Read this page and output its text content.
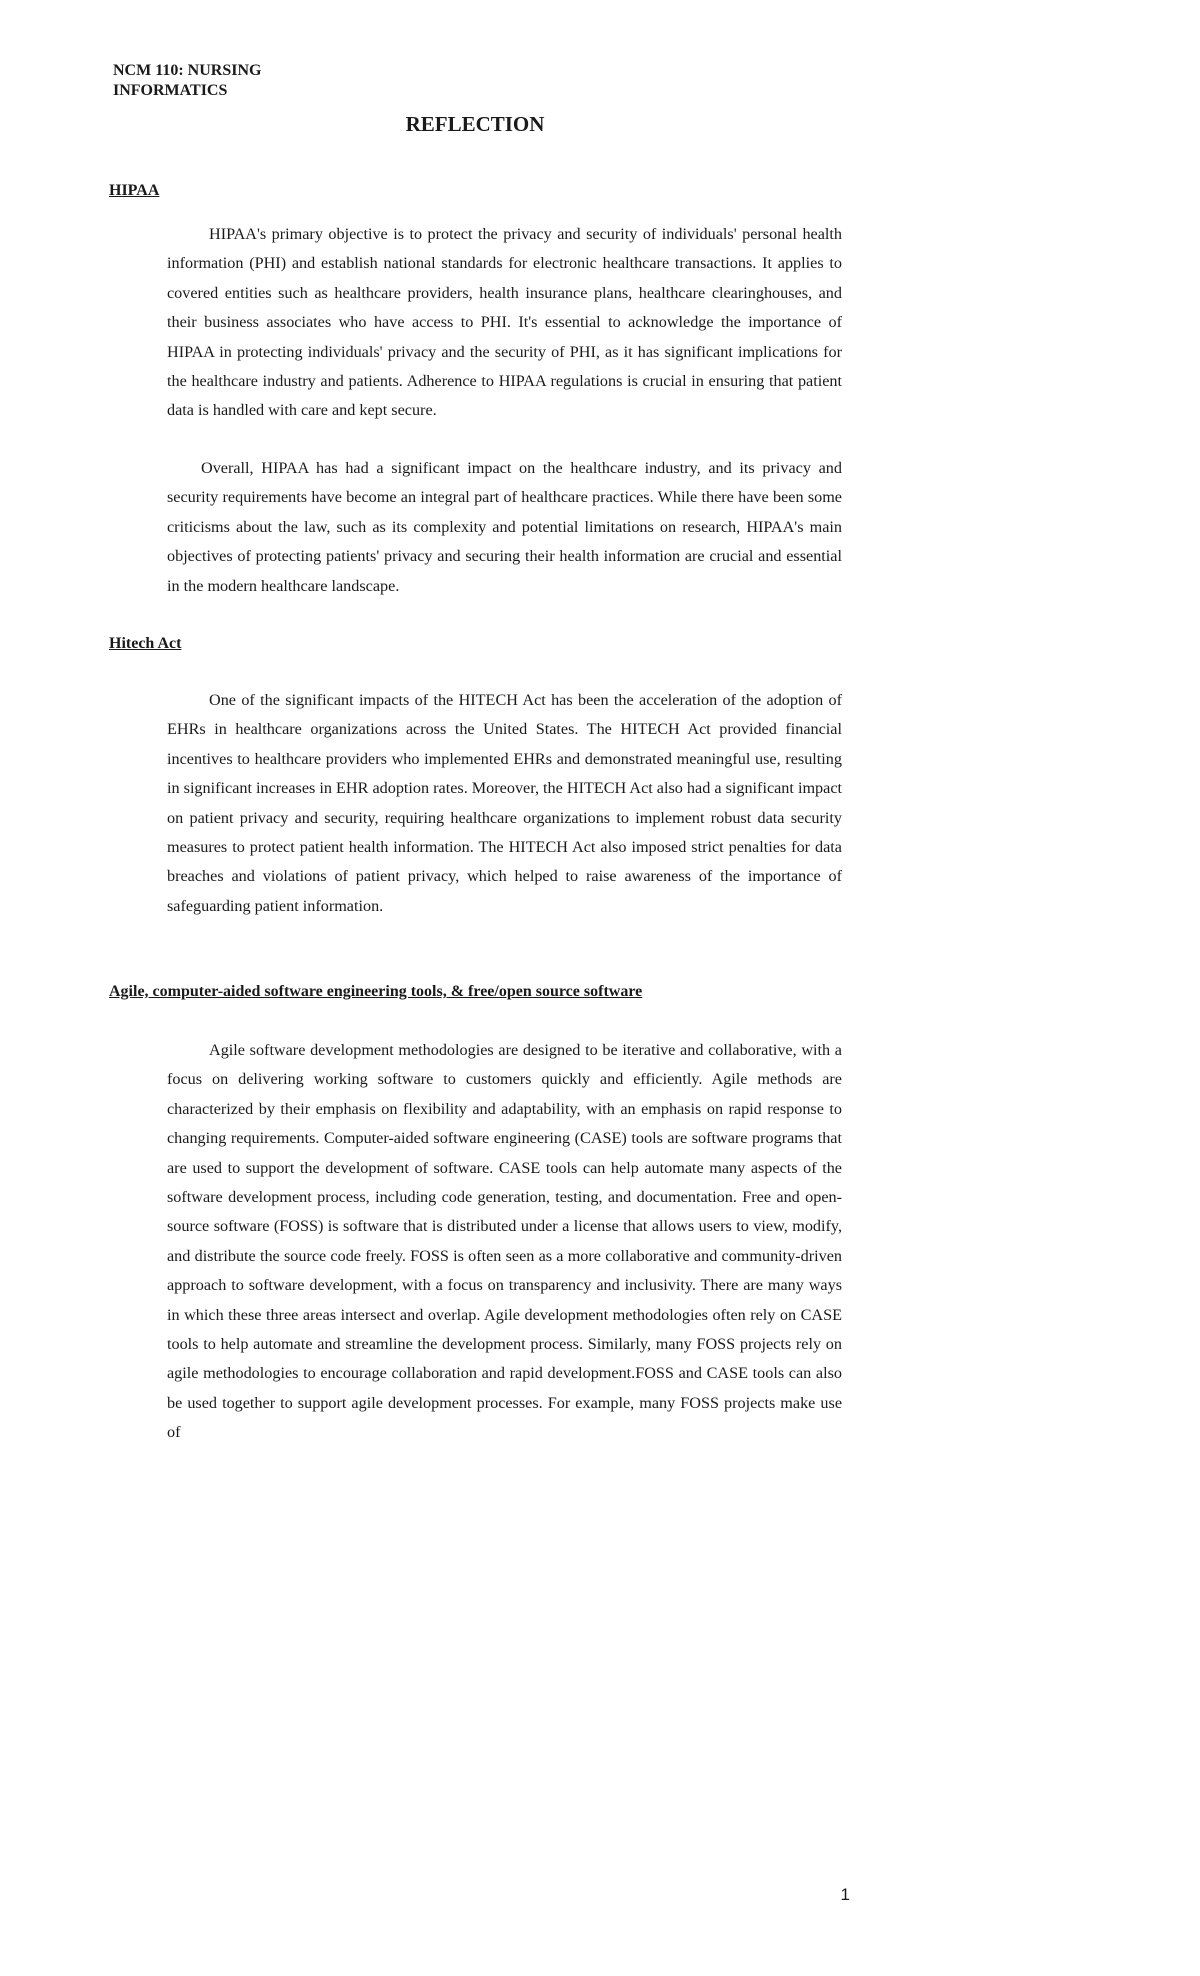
NCM 110: NURSING INFORMATICS

REFLECTION
HIPAA

HIPAA's primary objective is to protect the privacy and security of individuals' personal health information (PHI) and establish national standards for electronic healthcare transactions. It applies to covered entities such as healthcare providers, health insurance plans, healthcare clearinghouses, and their business associates who have access to PHI. It's essential to acknowledge the importance of HIPAA in protecting individuals' privacy and the security of PHI, as it has significant implications for the healthcare industry and patients. Adherence to HIPAA regulations is crucial in ensuring that patient data is handled with care and kept secure.

Overall, HIPAA has had a significant impact on the healthcare industry, and its privacy and security requirements have become an integral part of healthcare practices. While there have been some criticisms about the law, such as its complexity and potential limitations on research, HIPAA's main objectives of protecting patients' privacy and securing their health information are crucial and essential in the modern healthcare landscape.

Hitech Act

One of the significant impacts of the HITECH Act has been the acceleration of the adoption of EHRs in healthcare organizations across the United States. The HITECH Act provided financial incentives to healthcare providers who implemented EHRs and demonstrated meaningful use, resulting in significant increases in EHR adoption rates. Moreover, the HITECH Act also had a significant impact on patient privacy and security, requiring healthcare organizations to implement robust data security measures to protect patient health information. The HITECH Act also imposed strict penalties for data breaches and violations of patient privacy, which helped to raise awareness of the importance of safeguarding patient information.

Agile, computer-aided software engineering tools, & free/open source software

Agile software development methodologies are designed to be iterative and collaborative, with a focus on delivering working software to customers quickly and efficiently. Agile methods are characterized by their emphasis on flexibility and adaptability, with an emphasis on rapid response to changing requirements. Computer-aided software engineering (CASE) tools are software programs that are used to support the development of software. CASE tools can help automate many aspects of the software development process, including code generation, testing, and documentation. Free and open-source software (FOSS) is software that is distributed under a license that allows users to view, modify, and distribute the source code freely. FOSS is often seen as a more collaborative and community-driven approach to software development, with a focus on transparency and inclusivity. There are many ways in which these three areas intersect and overlap. Agile development methodologies often rely on CASE tools to help automate and streamline the development process. Similarly, many FOSS projects rely on agile methodologies to encourage collaboration and rapid development.FOSS and CASE tools can also be used together to support agile development processes. For example, many FOSS projects make use of

1
